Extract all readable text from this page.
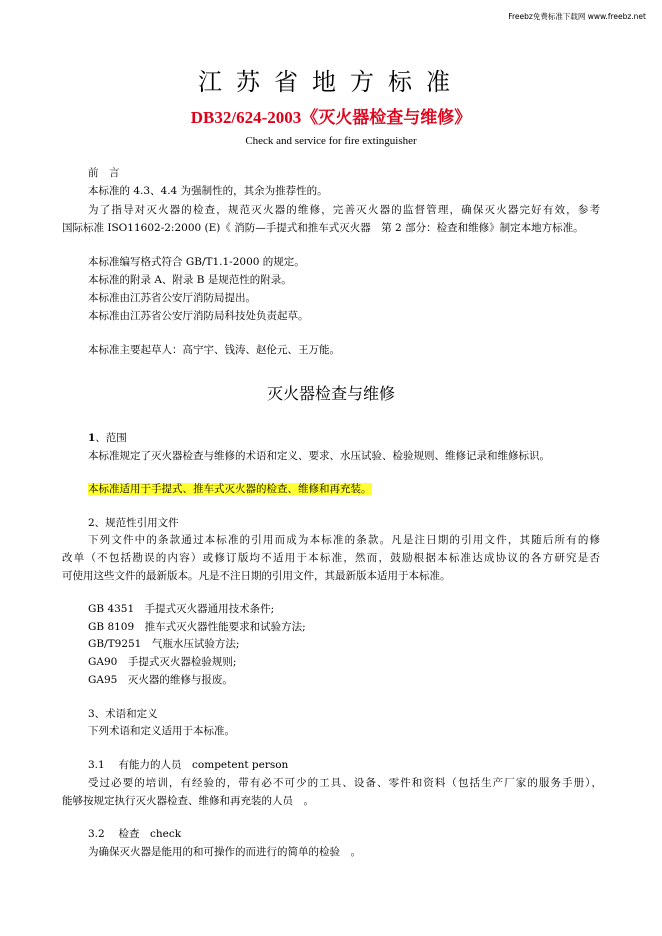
Freebz免费标准下载网 www.freebz.net
江苏省地方标准
DB32/624-2003《灭火器检查与维修》
Check and service for fire extinguisher
前　言
本标准的 4.3、4.4 为强制性的，其余为推荐性的。
为了指导对灭火器的检查，规范灭火器的维修，完善灭火器的监督管理，确保灭火器完好有效，参考
国际标准 ISO11602-2:2000 (E)《 消防—手提式和推车式灭火器　第 2 部分：检查和维修》制定本地方标准。
本标准编写格式符合 GB/T1.1-2000 的规定。
本标准的附录 A、附录 B 是规范性的附录。
本标准由江苏省公安厅消防局提出。
本标准由江苏省公安厅消防局科技处负责起草。
本标准主要起草人：高宁宇、钱涛、赵伦元、王万能。
灭火器检查与维修
1、范围
本标准规定了灭火器检查与维修的术语和定义、要求、水压试验、检验规则、维修记录和维修标识。
本标准适用于手提式、推车式灭火器的检查、维修和再充装。
2、规范性引用文件
下列文件中的条款通过本标准的引用而成为本标准的条款。凡是注日期的引用文件，其随后所有的修
改单（不包括勘误的内容）或修订版均不适用于本标准，然而，鼓励根据本标准达成协议的各方研究是否
可使用这些文件的最新版本。凡是不注日期的引用文件，其最新版本适用于本标准。
GB 4351　手提式灭火器通用技术条件;
GB 8109　推车式灭火器性能要求和试验方法;
GB/T9251　气瓶水压试验方法;
GA90　手提式灭火器检验规则;
GA95　灭火器的维修与报废。
3、术语和定义
下列术语和定义适用于本标准。
3.1　 有能力的人员　competent person
受过必要的培训，有经验的，带有必不可少的工具、设备、零件和资料（包括生产厂家的服务手册），
能够按规定执行灭火器检查、维修和再充装的人员　。
3.2　 检查　check
为确保灭火器是能用的和可操作的而进行的简单的检验　。
